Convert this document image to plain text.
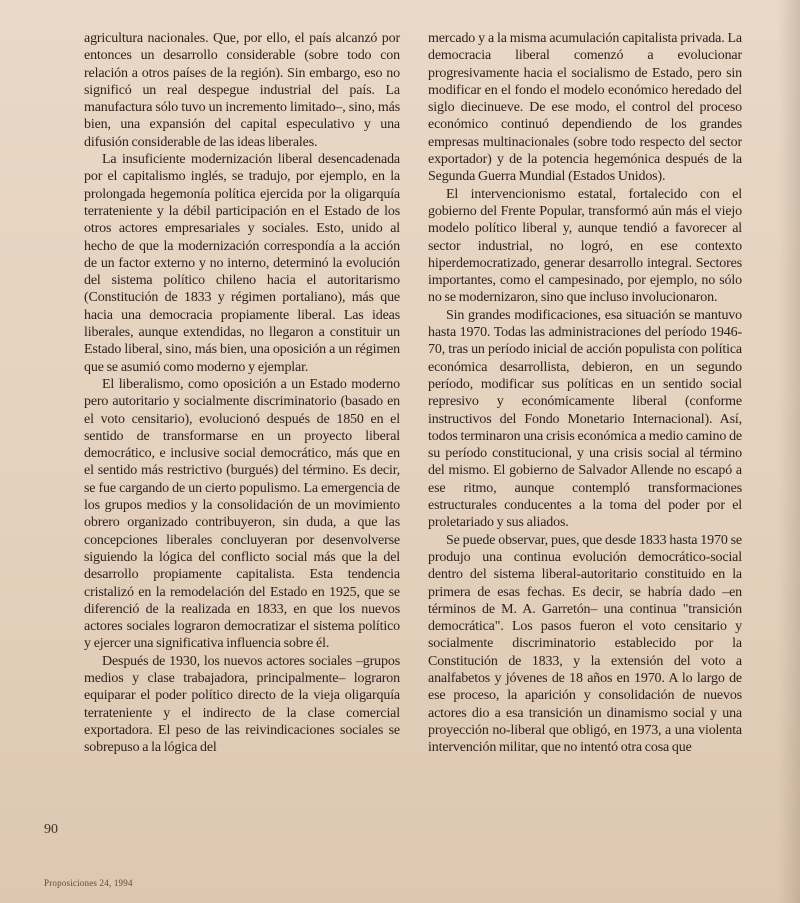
agricultura nacionales. Que, por ello, el país alcanzó por entonces un desarrollo considerable (sobre todo con relación a otros países de la región). Sin embargo, eso no significó un real despegue industrial del país. La manufactura sólo tuvo un incremento limitado–, sino, más bien, una expansión del capital especulativo y una difusión considerable de las ideas liberales.

La insuficiente modernización liberal desencadenada por el capitalismo inglés, se tradujo, por ejemplo, en la prolongada hegemonía política ejercida por la oligarquía terrateniente y la débil participación en el Estado de los otros actores empresariales y sociales. Esto, unido al hecho de que la modernización correspondía a la acción de un factor externo y no interno, determinó la evolución del sistema político chileno hacia el autoritarismo (Constitución de 1833 y régimen portaliano), más que hacia una democracia propiamente liberal. Las ideas liberales, aunque extendidas, no llegaron a constituir un Estado liberal, sino, más bien, una oposición a un régimen que se asumió como moderno y ejemplar.

El liberalismo, como oposición a un Estado moderno pero autoritario y socialmente discriminatorio (basado en el voto censitario), evolucionó después de 1850 en el sentido de transformarse en un proyecto liberal democrático, e inclusive social democrático, más que en el sentido más restrictivo (burgués) del término. Es decir, se fue cargando de un cierto populismo. La emergencia de los grupos medios y la consolidación de un movimiento obrero organizado contribuyeron, sin duda, a que las concepciones liberales concluyeran por desenvolverse siguiendo la lógica del conflicto social más que la del desarrollo propiamente capitalista. Esta tendencia cristalizó en la remodelación del Estado en 1925, que se diferenció de la realizada en 1833, en que los nuevos actores sociales lograron democratizar el sistema político y ejercer una significativa influencia sobre él.

Después de 1930, los nuevos actores sociales –grupos medios y clase trabajadora, principalmente– lograron equiparar el poder político directo de la vieja oligarquía terrateniente y el indirecto de la clase comercial exportadora. El peso de las reivindicaciones sociales se sobrepuso a la lógica del

mercado y a la misma acumulación capitalista privada. La democracia liberal comenzó a evolucionar progresivamente hacia el socialismo de Estado, pero sin modificar en el fondo el modelo económico heredado del siglo diecinueve. De ese modo, el control del proceso económico continuó dependiendo de los grandes empresas multinacionales (sobre todo respecto del sector exportador) y de la potencia hegemónica después de la Segunda Guerra Mundial (Estados Unidos).

El intervencionismo estatal, fortalecido con el gobierno del Frente Popular, transformó aún más el viejo modelo político liberal y, aunque tendió a favorecer al sector industrial, no logró, en ese contexto hiperdemocratizado, generar desarrollo integral. Sectores importantes, como el campesinado, por ejemplo, no sólo no se modernizaron, sino que incluso involucionaron.

Sin grandes modificaciones, esa situación se mantuvo hasta 1970. Todas las administraciones del período 1946-70, tras un período inicial de acción populista con política económica desarrollista, debieron, en un segundo período, modificar sus políticas en un sentido social represivo y económicamente liberal (conforme instructivos del Fondo Monetario Internacional). Así, todos terminaron una crisis económica a medio camino de su período constitucional, y una crisis social al término del mismo. El gobierno de Salvador Allende no escapó a ese ritmo, aunque contempló transformaciones estructurales conducentes a la toma del poder por el proletariado y sus aliados.

Se puede observar, pues, que desde 1833 hasta 1970 se produjo una continua evolución democrático-social dentro del sistema liberal-autoritario constituido en la primera de esas fechas. Es decir, se habría dado –en términos de M. A. Garretón– una continua "transición democrática". Los pasos fueron el voto censitario y socialmente discriminatorio establecido por la Constitución de 1833, y la extensión del voto a analfabetos y jóvenes de 18 años en 1970. A lo largo de ese proceso, la aparición y consolidación de nuevos actores dio a esa transición un dinamismo social y una proyección no-liberal que obligó, en 1973, a una violenta intervención militar, que no intentó otra cosa que

90
Proposiciones 24, 1994
